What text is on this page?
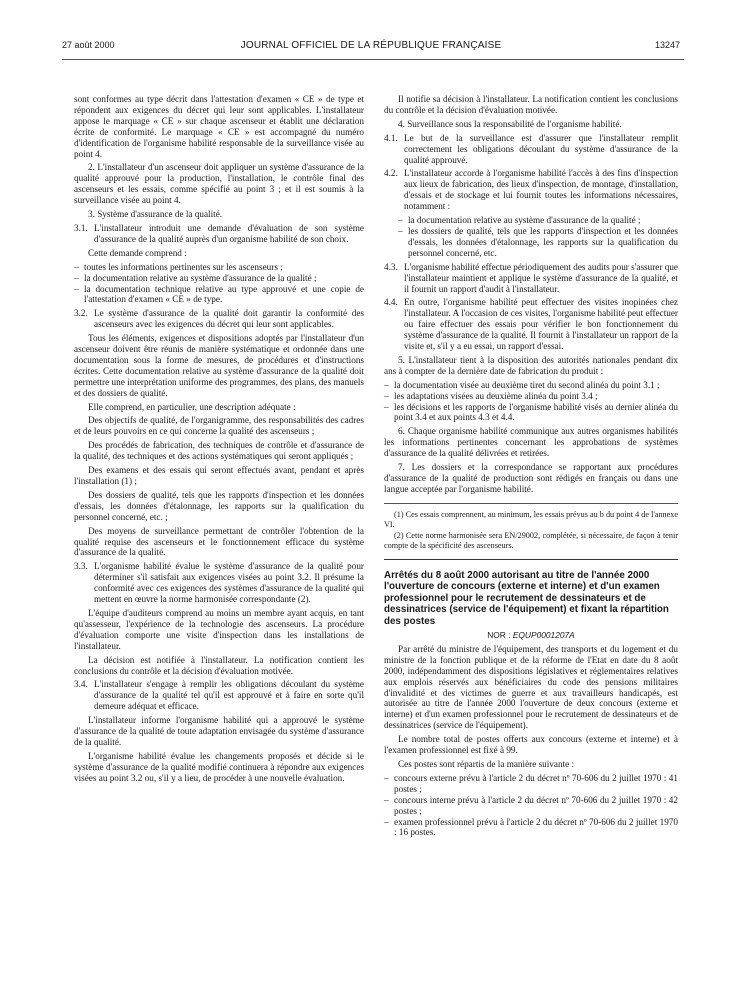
27 août 2000	JOURNAL OFFICIEL DE LA RÉPUBLIQUE FRANÇAISE	13247

sont conformes au type décrit dans l'attestation d'examen « CE » de type et répondent aux exigences du décret qui leur sont applicables. L'installateur appose le marquage « CE » sur chaque ascenseur et établit une déclaration écrite de conformité. Le marquage « CE » est accompagné du numéro d'identification de l'organisme habilité responsable de la surveillance visée au point 4.

2. L'installateur d'un ascenseur doit appliquer un système d'assurance de la qualité approuvé pour la production, l'installation, le contrôle final des ascenseurs et les essais, comme spécifié au point 3 ; et il est soumis à la surveillance visée au point 4.

3. Système d'assurance de la qualité.

3.1. L'installateur introduit une demande d'évaluation de son système d'assurance de la qualité auprès d'un organisme habilité de son choix.

Cette demande comprend :

– toutes les informations pertinentes sur les ascenseurs ;
– la documentation relative au système d'assurance de la qualité ;
– la documentation technique relative au type approuvé et une copie de l'attestation d'examen « CE » de type.
3.2. Le système d'assurance de la qualité doit garantir la conformité des ascenseurs avec les exigences du décret qui leur sont applicables.

Tous les éléments, exigences et dispositions adoptés par l'installateur d'un ascenseur doivent être réunis de manière systématique et ordonnée dans une documentation sous la forme de mesures, de procédures et d'instructions écrites. Cette documentation relative au système d'assurance de la qualité doit permettre une interprétation uniforme des programmes, des plans, des manuels et des dossiers de qualité.

Elle comprend, en particulier, une description adéquate :

Des objectifs de qualité, de l'organigramme, des responsabilités des cadres et de leurs pouvoirs en ce qui concerne la qualité des ascenseurs ;

Des procédés de fabrication, des techniques de contrôle et d'assurance de la qualité, des techniques et des actions systématiques qui seront appliqués ;

Des examens et des essais qui seront effectués avant, pendant et après l'installation (1) ;

Des dossiers de qualité, tels que les rapports d'inspection et les données d'essais, les données d'étalonnage, les rapports sur la qualification du personnel concerné, etc. ;

Des moyens de surveillance permettant de contrôler l'obtention de la qualité requise des ascenseurs et le fonctionnement efficace du système d'assurance de la qualité.

3.3. L'organisme habilité évalue le système d'assurance de la qualité pour déterminer s'il satisfait aux exigences visées au point 3.2. Il présume la conformité avec ces exigences des systèmes d'assurance de la qualité qui mettent en œuvre la norme harmonisée correspondante (2).

L'équipe d'auditeurs comprend au moins un membre ayant acquis, en tant qu'assesseur, l'expérience de la technologie des ascenseurs. La procédure d'évaluation comporte une visite d'inspection dans les installations de l'installateur.

La décision est notifiée à l'installateur. La notification contient les conclusions du contrôle et la décision d'évaluation motivée.

3.4. L'installateur s'engage à remplir les obligations découlant du système d'assurance de la qualité tel qu'il est approuvé et à faire en sorte qu'il demeure adéquat et efficace.

L'installateur informe l'organisme habilité qui a approuvé le système d'assurance de la qualité de toute adaptation envisagée du système d'assurance de la qualité.

L'organisme habilité évalue les changements proposés et décide si le système d'assurance de la qualité modifié continuera à répondre aux exigences visées au point 3.2 ou, s'il y a lieu, de procéder à une nouvelle évaluation.

Il notifie sa décision à l'installateur. La notification contient les conclusions du contrôle et la décision d'évaluation motivée.

4. Surveillance sous la responsabilité de l'organisme habilité.

4.1. Le but de la surveillance est d'assurer que l'installateur remplit correctement les obligations découlant du système d'assurance de la qualité approuvé.
4.2. L'installateur accorde à l'organisme habilité l'accès à des fins d'inspection aux lieux de fabrication, des lieux d'inspection, de montage, d'installation, d'essais et de stockage et lui fournit toutes les informations nécessaires, notamment :
– la documentation relative au système d'assurance de la qualité ;
– les dossiers de qualité, tels que les rapports d'inspection et les données d'essais, les données d'étalonnage, les rapports sur la qualification du personnel concerné, etc.
4.3. L'organisme habilité effectue périodiquement des audits pour s'assurer que l'installateur maintient et applique le système d'assurance de la qualité, et il fournit un rapport d'audit à l'installateur.
4.4. En outre, l'organisme habilité peut effectuer des visites inopinées chez l'installateur. A l'occasion de ces visites, l'organisme habilité peut effectuer ou faire effectuer des essais pour vérifier le bon fonctionnement du système d'assurance de la qualité. Il fournit à l'installateur un rapport de la visite et, s'il y a eu essai, un rapport d'essai.

5. L'installateur tient à la disposition des autorités nationales pendant dix ans à compter de la dernière date de fabrication du produit :

– la documentation visée au deuxième tiret du second alinéa du point 3.1 ;
– les adaptations visées au deuxième alinéa du point 3.4 ;
– les décisions et les rapports de l'organisme habilité visés au dernier alinéa du point 3.4 et aux points 4.3 et 4.4.

6. Chaque organisme habilité communique aux autres organismes habilités les informations pertinentes concernant les approbations de systèmes d'assurance de la qualité délivrées et retirées.

7. Les dossiers et la correspondance se rapportant aux procédures d'assurance de la qualité de production sont rédigés en français ou dans une langue acceptée par l'organisme habilité.

(1) Ces essais comprennent, au minimum, les essais prévus au b du point 4 de l'annexe VI.

(2) Cette norme harmonisée sera EN/29002, complétée, si nécessaire, de façon à tenir compte de la spécificité des ascenseurs.

Arrêtés du 8 août 2000 autorisant au titre de l'année 2000 l'ouverture de concours (externe et interne) et d'un examen professionnel pour le recrutement de dessinateurs et de dessinatrices (service de l'équipement) et fixant la répartition des postes

NOR : EQUP0001207A

Par arrêté du ministre de l'équipement, des transports et du logement et du ministre de la fonction publique et de la réforme de l'Etat en date du 8 août 2000, indépendamment des dispositions législatives et réglementaires relatives aux emplois réservés aux bénéficiaires du code des pensions militaires d'invalidité et des victimes de guerre et aux travailleurs handicapés, est autorisée au titre de l'année 2000 l'ouverture de deux concours (externe et interne) et d'un examen professionnel pour le recrutement de dessinateurs et de dessinatrices (service de l'équipement).

Le nombre total de postes offerts aux concours (externe et interne) et à l'examen professionnel est fixé à 99.

Ces postes sont répartis de la manière suivante :

– concours externe prévu à l'article 2 du décret nº 70-606 du 2 juillet 1970 : 41 postes ;
– concours interne prévu à l'article 2 du décret nº 70-606 du 2 juillet 1970 : 42 postes ;
– examen professionnel prévu à l'article 2 du décret nº 70-606 du 2 juillet 1970 : 16 postes.
